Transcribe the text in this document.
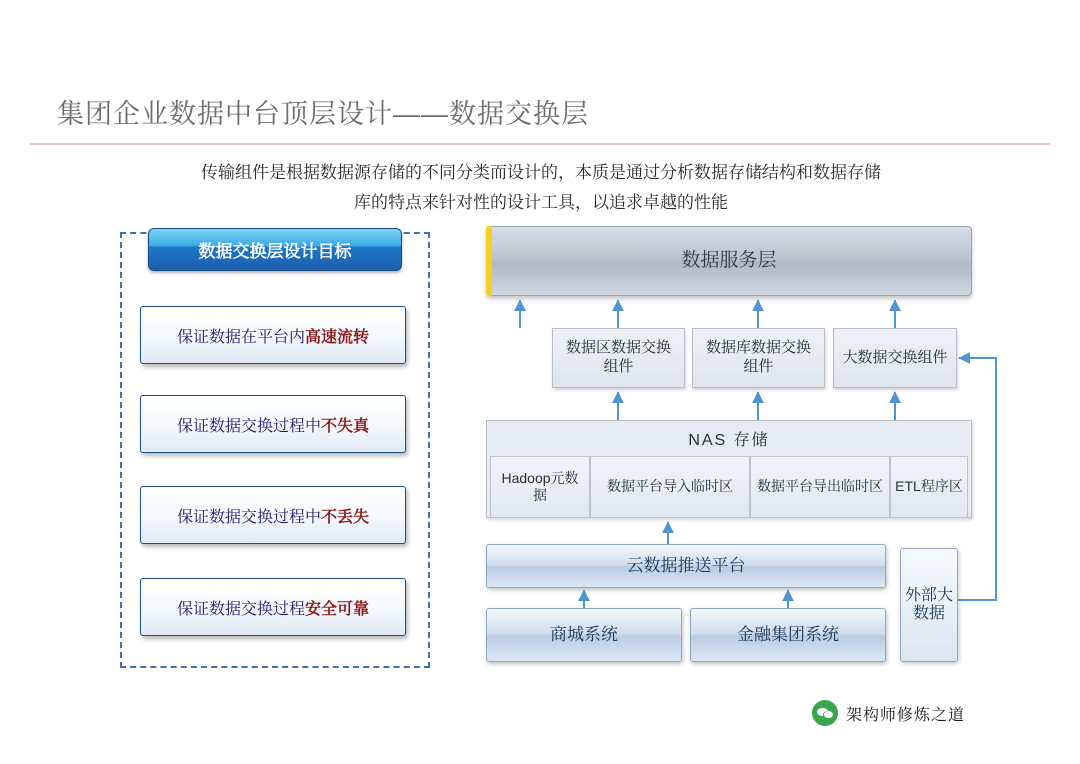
集团企业数据中台顶层设计——数据交换层
传输组件是根据数据源存储的不同分类而设计的，本质是通过分析数据存储结构和数据存储
库的特点来针对性的设计工具，以追求卓越的性能
数据交换层设计目标
保证数据在平台内 高速流转
保证数据交换过程中 不失真
保证数据交换过程中 不丢失
保证数据交换过程 安全可靠
数据服务层
数据区数据交换组件
数据库数据交换组件
大数据交换组件
NAS 存储
Hadoop元数据
数据平台导入临时区	数据平台导出临时区 ETL程序区
云数据推送平台
商城系统	金融集团系统
外部大数据
架构师修炼之道
